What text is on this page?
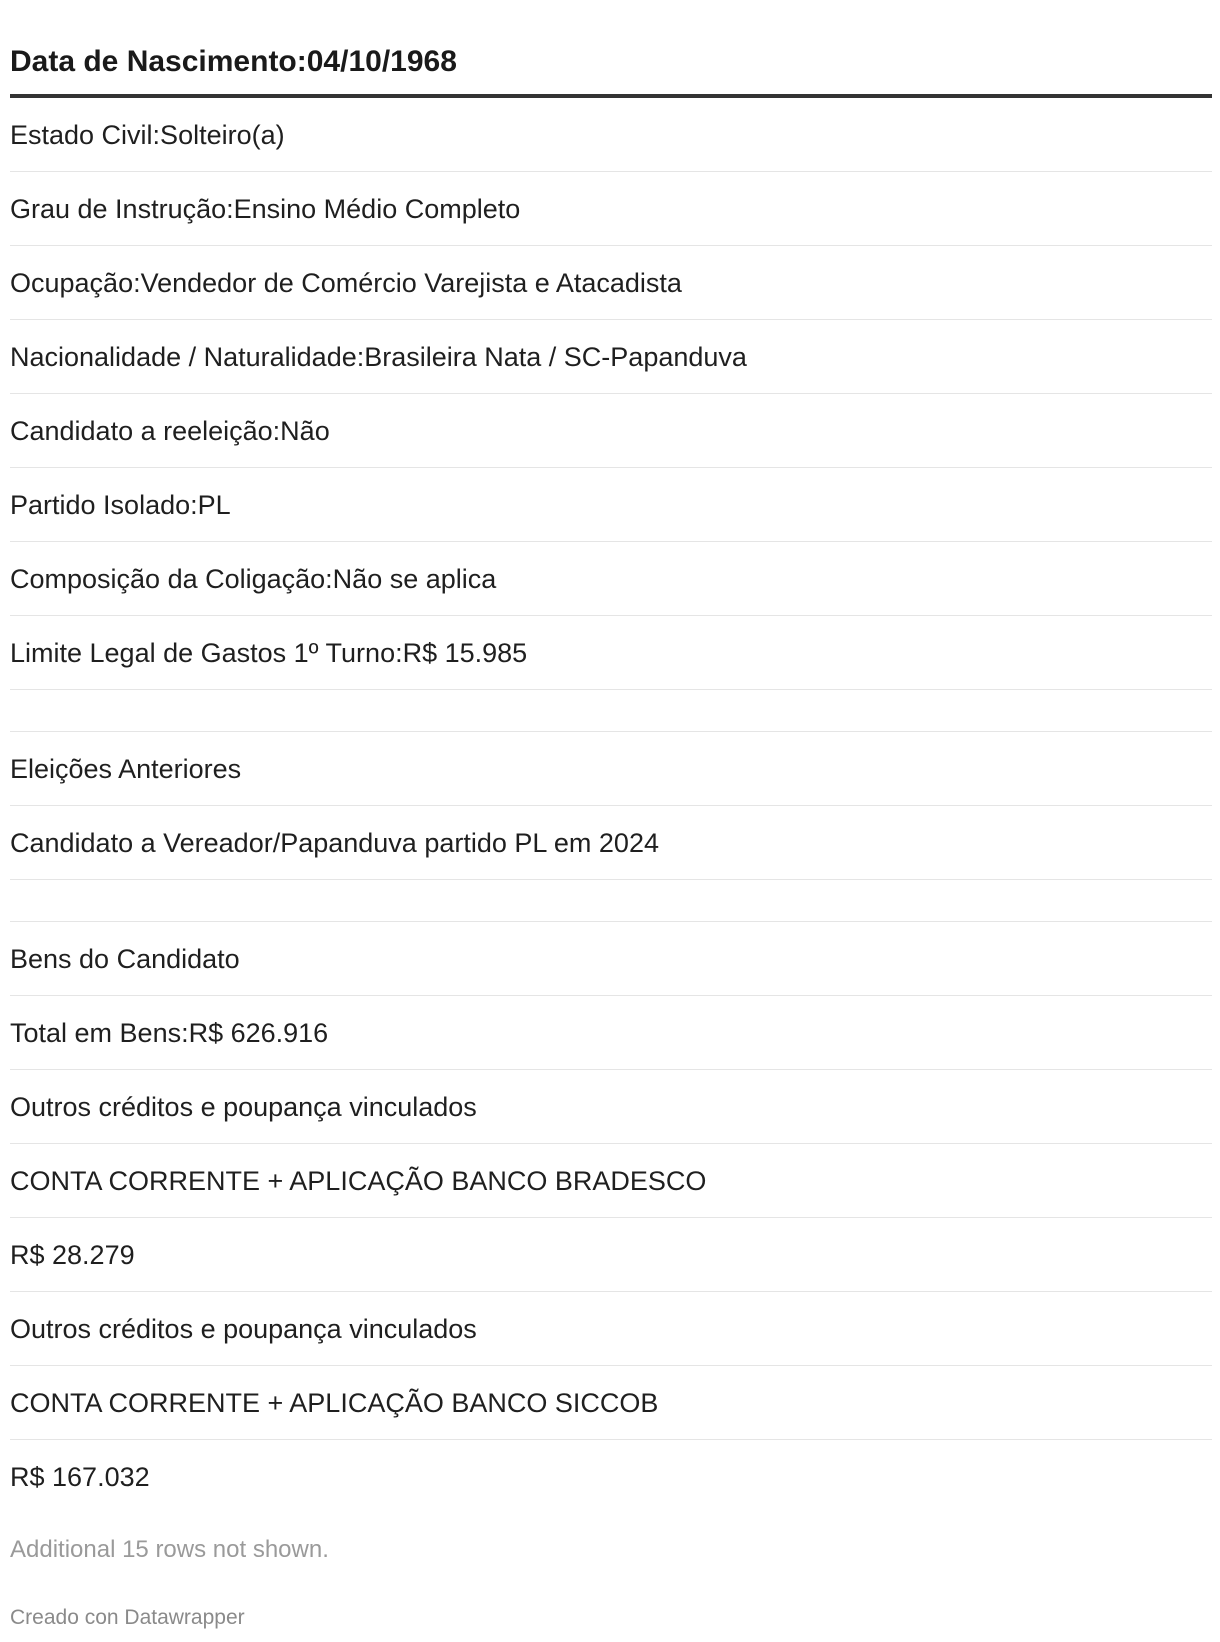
Data de Nascimento:04/10/1968
Estado Civil:Solteiro(a)
Grau de Instrução:Ensino Médio Completo
Ocupação:Vendedor de Comércio Varejista e Atacadista
Nacionalidade / Naturalidade:Brasileira Nata / SC-Papanduva
Candidato a reeleição:Não
Partido Isolado:PL
Composição da Coligação:Não se aplica
Limite Legal de Gastos 1º Turno:R$ 15.985
Eleições Anteriores
Candidato a Vereador/Papanduva partido PL em 2024
Bens do Candidato
Total em Bens:R$ 626.916
Outros créditos e poupança vinculados
CONTA CORRENTE + APLICAÇÃO BANCO BRADESCO
R$ 28.279
Outros créditos e poupança vinculados
CONTA CORRENTE + APLICAÇÃO BANCO SICCOB
R$ 167.032
Additional 15 rows not shown.
Creado con Datawrapper
